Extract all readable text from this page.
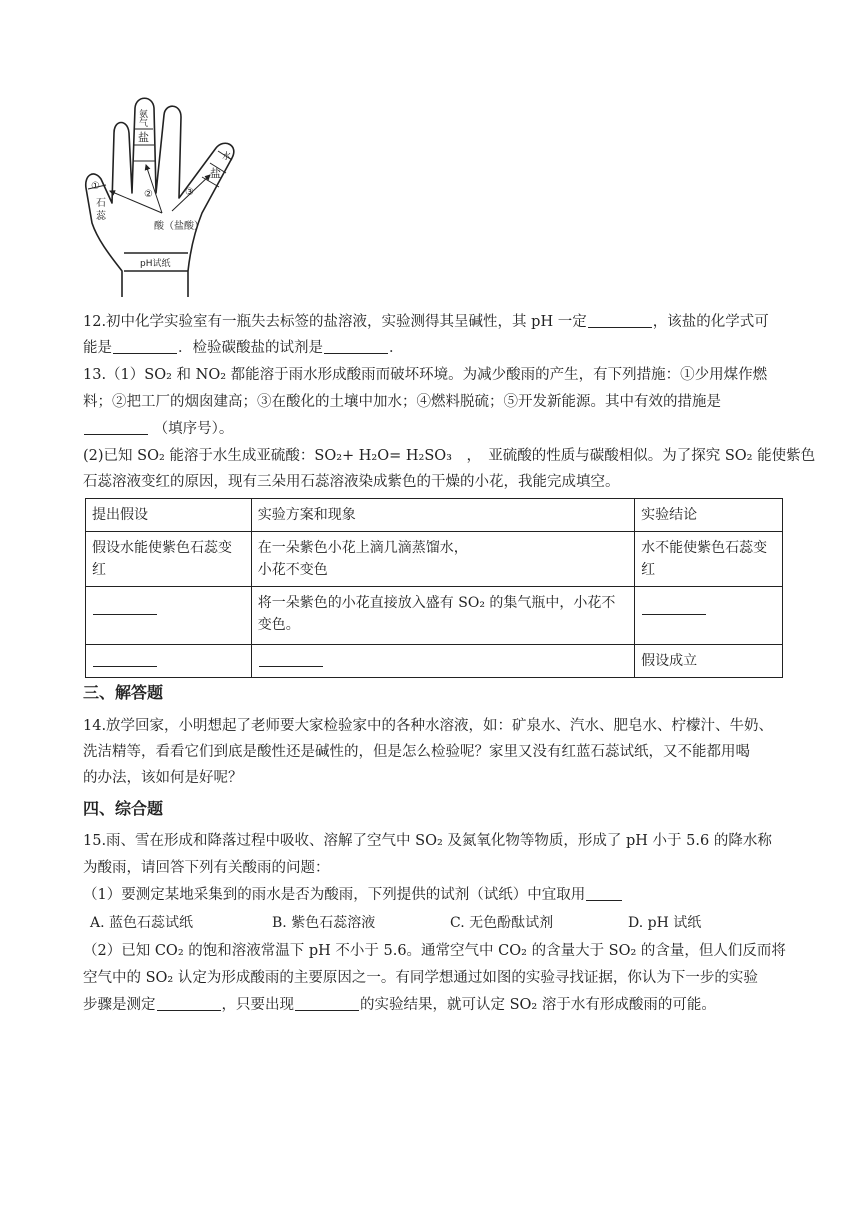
氨
气
盐
水
盐
①
②	③
石
蕊
酸（盐酸）
pH试纸
12.初中化学实验室有一瓶失去标签的盐溶液，实验测得其呈碱性，其 pH 一定	，该盐的化学式可
能是	．检验碳酸盐的试剂是	．
13.（1）SO₂ 和 NO₂ 都能溶于雨水形成酸雨而破坏环境。为减少酸雨的产生，有下列措施：①少用煤作燃
料；②把工厂的烟囱建高；③在酸化的土壤中加水；④燃料脱硫；⑤开发新能源。其中有效的措施是
（填序号）。
(2)已知 SO₂ 能溶于水生成亚硫酸：SO₂+ H₂O= H₂SO₃　，　亚硫酸的性质与碳酸相似。为了探究 SO₂ 能使紫色
石蕊溶液变红的原因，现有三朵用石蕊溶液染成紫色的干燥的小花，我能完成填空。
提出假设	实验方案和现象	实验结论
假设水能使紫色石蕊变红	在一朵紫色小花上滴几滴蒸馏水，
小花不变色	水不能使紫色石蕊变红
	将一朵紫色的小花直接放入盛有 SO₂ 的集气瓶中，小花不变色。	
		假设成立
三、解答题
14.放学回家，小明想起了老师要大家检验家中的各种水溶液，如：矿泉水、汽水、肥皂水、柠檬汁、牛奶、
洗洁精等，看看它们到底是酸性还是碱性的，但是怎么检验呢？家里又没有红蓝石蕊试纸，又不能都用喝
的办法，该如何是好呢？
四、综合题
15.雨、雪在形成和降落过程中吸收、溶解了空气中 SO₂ 及氮氧化物等物质，形成了 pH 小于 5.6 的降水称
为酸雨，请回答下列有关酸雨的问题：
（1）要测定某地采集到的雨水是否为酸雨，下列提供的试剂（试纸）中宜取用
A. 蓝色石蕊试纸	B. 紫色石蕊溶液	C. 无色酚酞试剂	D. pH 试纸
（2）已知 CO₂ 的饱和溶液常温下 pH 不小于 5.6。通常空气中 CO₂ 的含量大于 SO₂ 的含量，但人们反而将
空气中的 SO₂ 认定为形成酸雨的主要原因之一。有同学想通过如图的实验寻找证据，你认为下一步的实验
步骤是测定	，只要出现	的实验结果，就可认定 SO₂ 溶于水有形成酸雨的可能。
